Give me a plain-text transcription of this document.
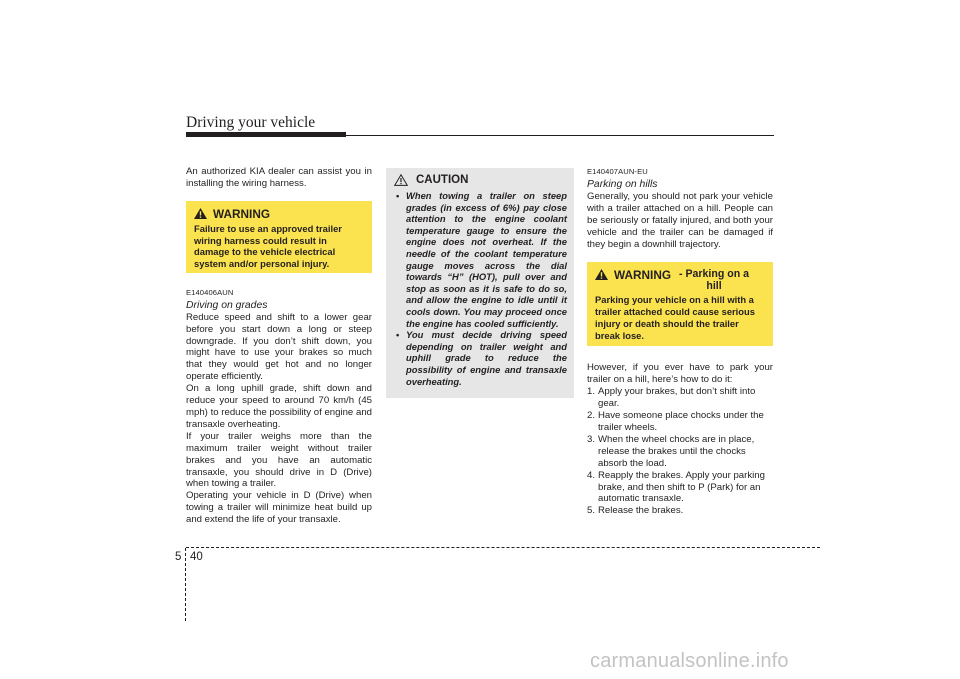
Driving your vehicle

An authorized KIA dealer can assist you in installing the wiring harness.

WARNING
Failure to use an approved trailer wiring harness could result in damage to the vehicle electrical system and/or personal injury.

E140406AUN

Driving on grades

Reduce speed and shift to a lower gear before you start down a long or steep downgrade. If you don’t shift down, you might have to use your brakes so much that they would get hot and no longer operate efficiently.

On a long uphill grade, shift down and reduce your speed to around 70 km/h (45 mph) to reduce the possibility of engine and transaxle overheating.

If your trailer weighs more than the maximum trailer weight without trailer brakes and you have an automatic transaxle, you should drive in D (Drive) when towing a trailer.

Operating your vehicle in D (Drive) when towing a trailer will minimize heat build up and extend the life of your transaxle.

CAUTION
• When towing a trailer on steep grades (in excess of 6%) pay close attention to the engine coolant temperature gauge to ensure the engine does not overheat. If the needle of the coolant temperature gauge moves across the dial towards “H” (HOT), pull over and stop as soon as it is safe to do so, and allow the engine to idle until it cools down. You may proceed once the engine has cooled sufficiently.
• You must decide driving speed depending on trailer weight and uphill grade to reduce the possibility of engine and transaxle overheating.

E140407AUN-EU

Parking on hills

Generally, you should not park your vehicle with a trailer attached on a hill. People can be seriously or fatally injured, and both your vehicle and the trailer can be damaged if they begin a downhill trajectory.

WARNING - Parking on a hill
Parking your vehicle on a hill with a trailer attached could cause serious injury or death should the trailer break lose.

However, if you ever have to park your trailer on a hill, here’s how to do it:

1. Apply your brakes, but don’t shift into gear.
2. Have someone place chocks under the trailer wheels.
3. When the wheel chocks are in place, release the brakes until the chocks absorb the load.
4. Reapply the brakes. Apply your parking brake, and then shift to P (Park) for an automatic transaxle.
5. Release the brakes.
5 40
carmanualsonline.info
